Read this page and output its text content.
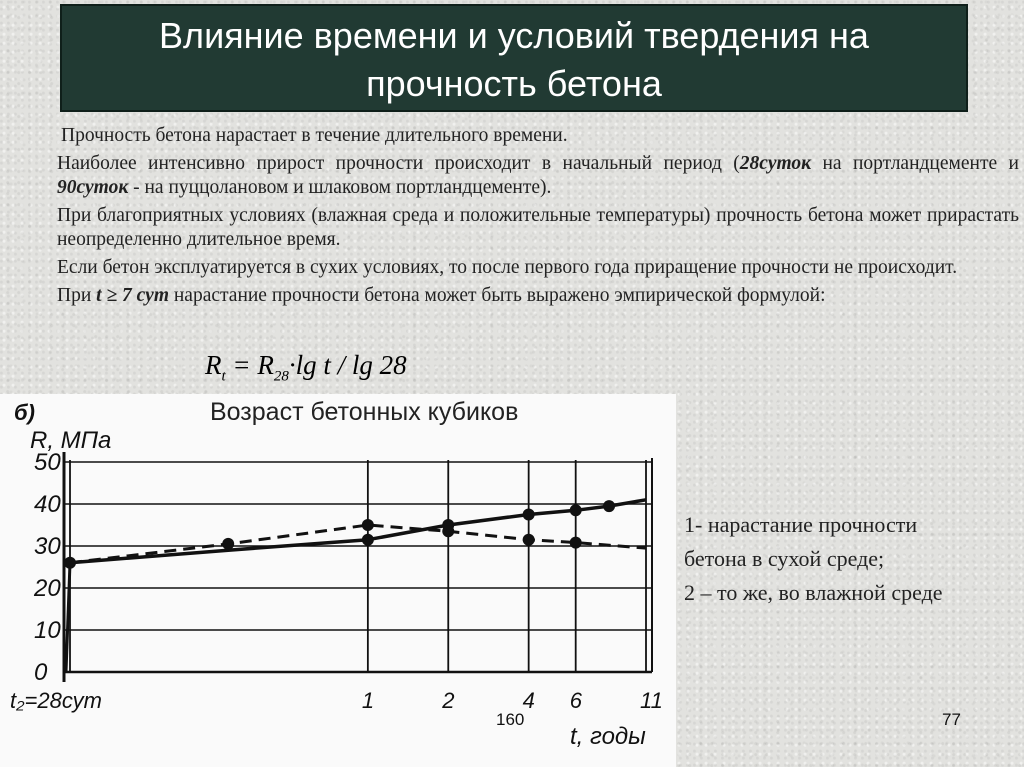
Влияние времени и условий твердения на
прочность бетона

Прочность бетона нарастает в течение длительного времени.

Наиболее интенсивно прирост прочности происходит в начальный период (28суток на портландцементе и 90суток - на пуццолановом и шлаковом портландцементе).

При благоприятных условиях (влажная среда и положительные температуры) прочность бетона может прирастать неопределенно длительное время.

Если бетон эксплуатируется в сухих условиях, то после первого года приращение прочности не происходит.

При t ≥ 7 сут нарастание прочности бетона может быть выражено эмпирической формулой:

$R_t = R_{28}\cdot\lg$ t / lg 28
Возраст бетонных кубиков
50
40
30
20
10
0
t₂=28сут	1	2	4 6	11
б)
R, МПа
t, годы

1- нарастание прочности
бетона в сухой среде;

2 – то же, во влажной среде

160	77
